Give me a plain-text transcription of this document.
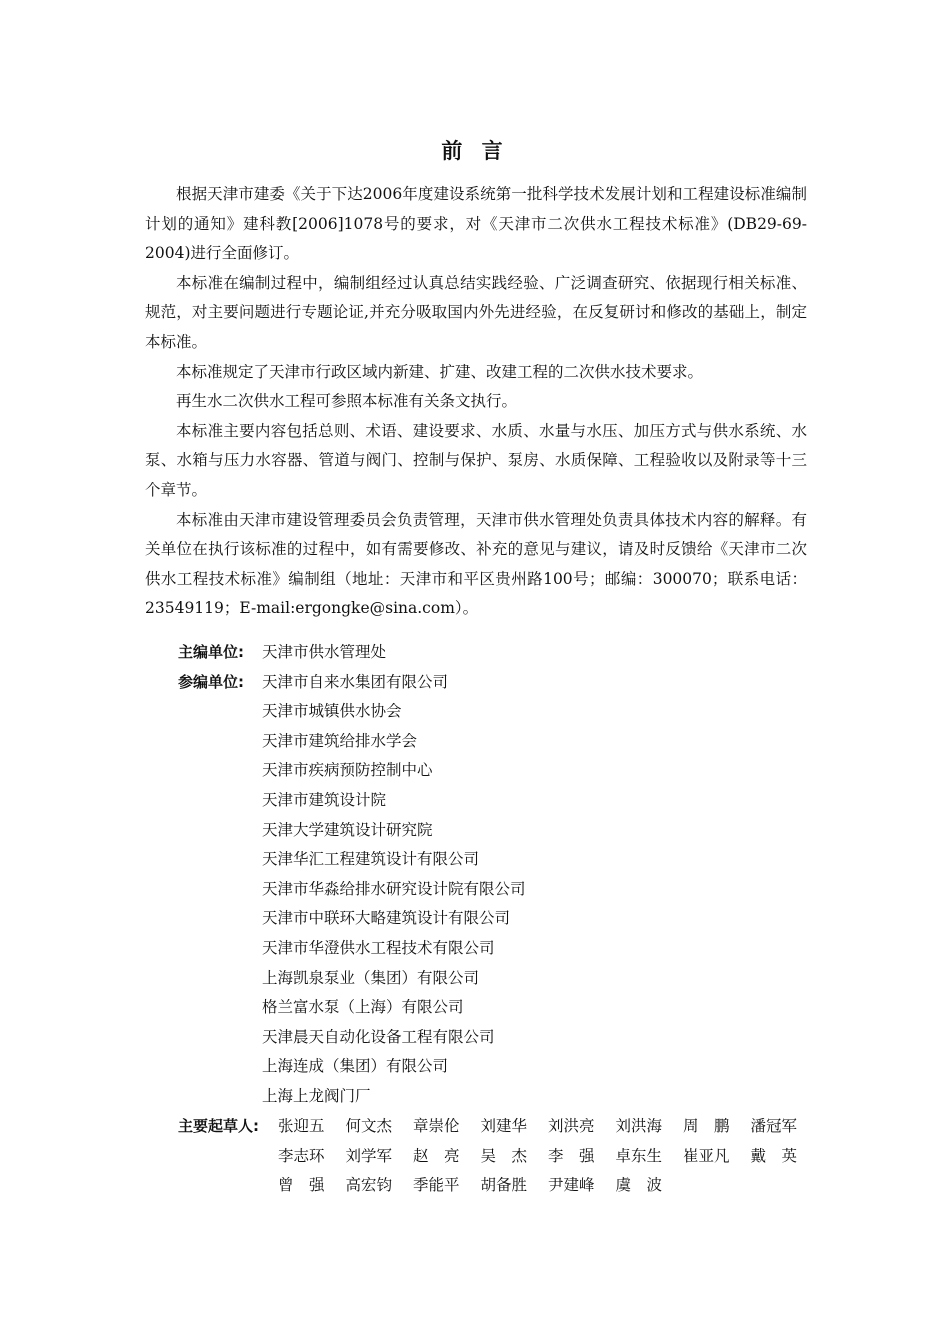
前 言

根据天津市建委《关于下达2006年度建设系统第一批科学技术发展计划和工程建设标准编制计划的通知》建科教[2006]1078号的要求，对《天津市二次供水工程技术标准》(DB29-69-2004)进行全面修订。

本标准在编制过程中，编制组经过认真总结实践经验、广泛调查研究、依据现行相关标准、规范，对主要问题进行专题论证,并充分吸取国内外先进经验，在反复研讨和修改的基础上，制定本标准。

本标准规定了天津市行政区域内新建、扩建、改建工程的二次供水技术要求。

再生水二次供水工程可参照本标准有关条文执行。

本标准主要内容包括总则、术语、建设要求、水质、水量与水压、加压方式与供水系统、水泵、水箱与压力水容器、管道与阀门、控制与保护、泵房、水质保障、工程验收以及附录等十三个章节。

本标准由天津市建设管理委员会负责管理，天津市供水管理处负责具体技术内容的解释。有关单位在执行该标准的过程中，如有需要修改、补充的意见与建议，请及时反馈给《天津市二次供水工程技术标准》编制组（地址：天津市和平区贵州路100号；邮编：300070；联系电话：23549119；E-mail:ergongke@sina.com）。

主编单位:	天津市供水管理处
参编单位:	天津市自来水集团有限公司
天津市城镇供水协会
天津市建筑给排水学会
天津市疾病预防控制中心
天津市建筑设计院
天津大学建筑设计研究院
天津华汇工程建筑设计有限公司
天津市华淼给排水研究设计院有限公司
天津市中联环大略建筑设计有限公司
天津市华澄供水工程技术有限公司
上海凯泉泵业（集团）有限公司
格兰富水泵（上海）有限公司
天津晨天自动化设备工程有限公司
上海连成（集团）有限公司
上海上龙阀门厂
主要起草人:	张迎五	何文杰	章崇伦	刘建华	刘洪亮	刘洪海	周　鹏	潘冠军
李志环	刘学军	赵　亮	吴　杰	李　强	卓东生	崔亚凡	戴　英
曾　强	高宏钧	季能平	胡备胜	尹建峰	虞　波
